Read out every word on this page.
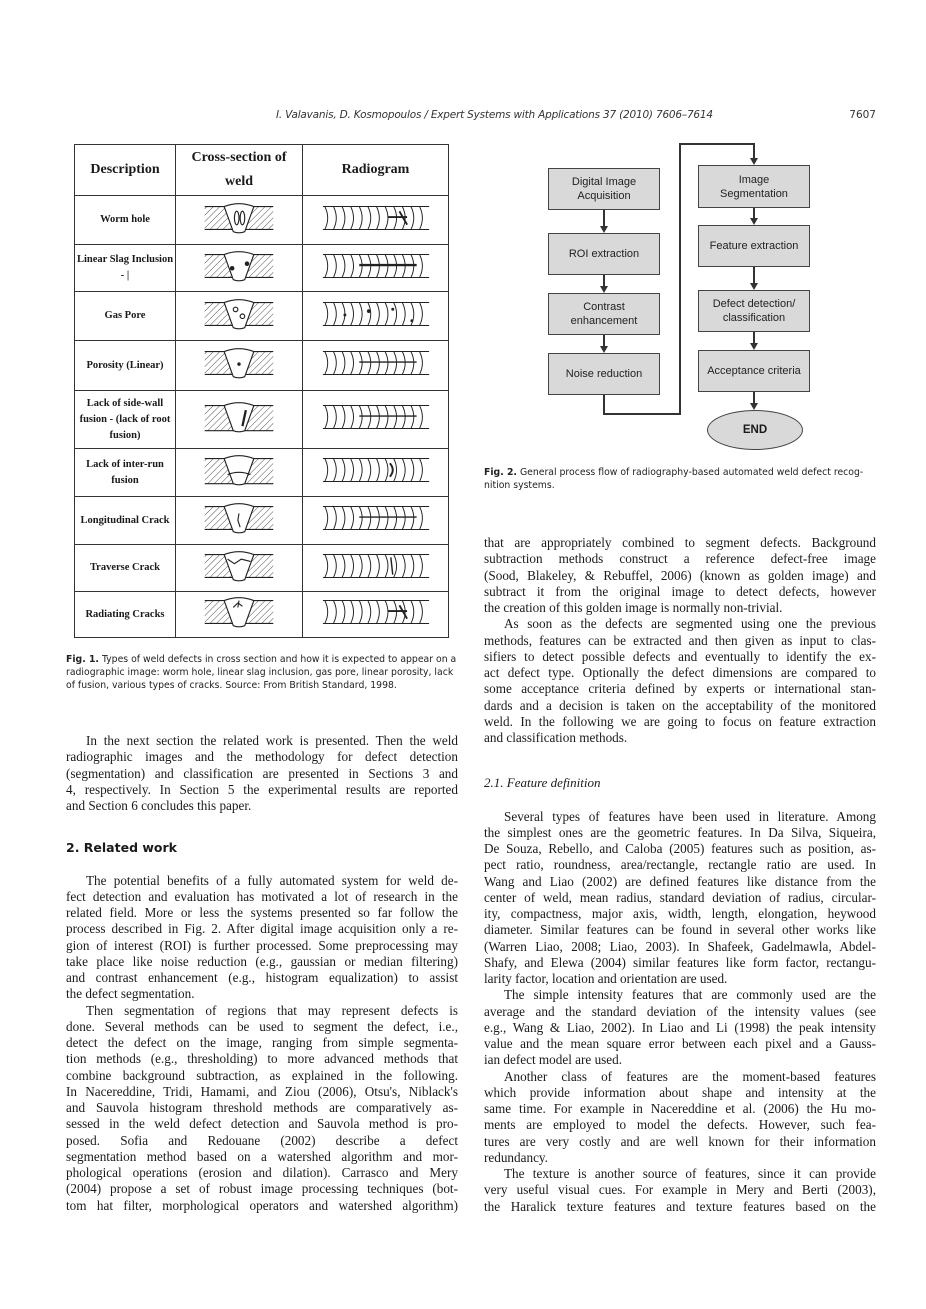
I. Valavanis, D. Kosmopoulos / Expert Systems with Applications 37 (2010) 7606–7614	7607
Description	Cross-section of weld	Radiogram
Worm hole		
Linear Slag Inclusion - |		
Gas Pore		
Porosity (Linear)		
Lack of side-wall fusion - (lack of root fusion)		
Lack of inter-run fusion		
Longitudinal Crack		
Traverse Crack		
Radiating Cracks		
Fig. 1. Types of weld defects in cross section and how it is expected to appear on a
radiographic image: worm hole, linear slag inclusion, gas pore, linear porosity, lack
of fusion, various types of cracks. Source: From British Standard, 1998.
Digital Image Acquisition
ROI extraction
Contrast enhancement
Noise reduction
Image Segmentation
Feature extraction
Defect detection/ classification
Acceptance criteria
END
Fig. 2. General process flow of radiography-based automated weld defect recog-
nition systems.
In the next section the related work is presented. Then the weld
radiographic images and the methodology for defect detection
(segmentation) and classification are presented in Sections 3 and
4, respectively. In Section 5 the experimental results are reported
and Section 6 concludes this paper.
2. Related work
The potential benefits of a fully automated system for weld de-
fect detection and evaluation has motivated a lot of research in the
related field. More or less the systems presented so far follow the
process described in Fig. 2. After digital image acquisition only a re-
gion of interest (ROI) is further processed. Some preprocessing may
take place like noise reduction (e.g., gaussian or median filtering)
and contrast enhancement (e.g., histogram equalization) to assist
the defect segmentation.
Then segmentation of regions that may represent defects is
done. Several methods can be used to segment the defect, i.e.,
detect the defect on the image, ranging from simple segmenta-
tion methods (e.g., thresholding) to more advanced methods that
combine background subtraction, as explained in the following.
In Nacereddine, Tridi, Hamami, and Ziou (2006), Otsu's, Niblack's
and Sauvola histogram threshold methods are comparatively as-
sessed in the weld defect detection and Sauvola method is pro-
posed. Sofia and Redouane (2002) describe a defect
segmentation method based on a watershed algorithm and mor-
phological operations (erosion and dilation). Carrasco and Mery
(2004) propose a set of robust image processing techniques (bot-
tom hat filter, morphological operators and watershed algorithm)
that are appropriately combined to segment defects. Background
subtraction methods construct a reference defect-free image
(Sood, Blakeley, & Rebuffel, 2006) (known as golden image) and
subtract it from the original image to detect defects, however
the creation of this golden image is normally non-trivial.
As soon as the defects are segmented using one the previous
methods, features can be extracted and then given as input to clas-
sifiers to detect possible defects and eventually to identify the ex-
act defect type. Optionally the defect dimensions are compared to
some acceptance criteria defined by experts or international stan-
dards and a decision is taken on the acceptability of the monitored
weld. In the following we are going to focus on feature extraction
and classification methods.
2.1. Feature definition
Several types of features have been used in literature. Among
the simplest ones are the geometric features. In Da Silva, Siqueira,
De Souza, Rebello, and Caloba (2005) features such as position, as-
pect ratio, roundness, area/rectangle, rectangle ratio are used. In
Wang and Liao (2002) are defined features like distance from the
center of weld, mean radius, standard deviation of radius, circular-
ity, compactness, major axis, width, length, elongation, heywood
diameter. Similar features can be found in several other works like
(Warren Liao, 2008; Liao, 2003). In Shafeek, Gadelmawla, Abdel-
Shafy, and Elewa (2004) similar features like form factor, rectangu-
larity factor, location and orientation are used.
The simple intensity features that are commonly used are the
average and the standard deviation of the intensity values (see
e.g., Wang & Liao, 2002). In Liao and Li (1998) the peak intensity
value and the mean square error between each pixel and a Gauss-
ian defect model are used.
Another class of features are the moment-based features
which provide information about shape and intensity at the
same time. For example in Nacereddine et al. (2006) the Hu mo-
ments are employed to model the defects. However, such fea-
tures are very costly and are well known for their information
redundancy.
The texture is another source of features, since it can provide
very useful visual cues. For example in Mery and Berti (2003),
the Haralick texture features and texture features based on the
